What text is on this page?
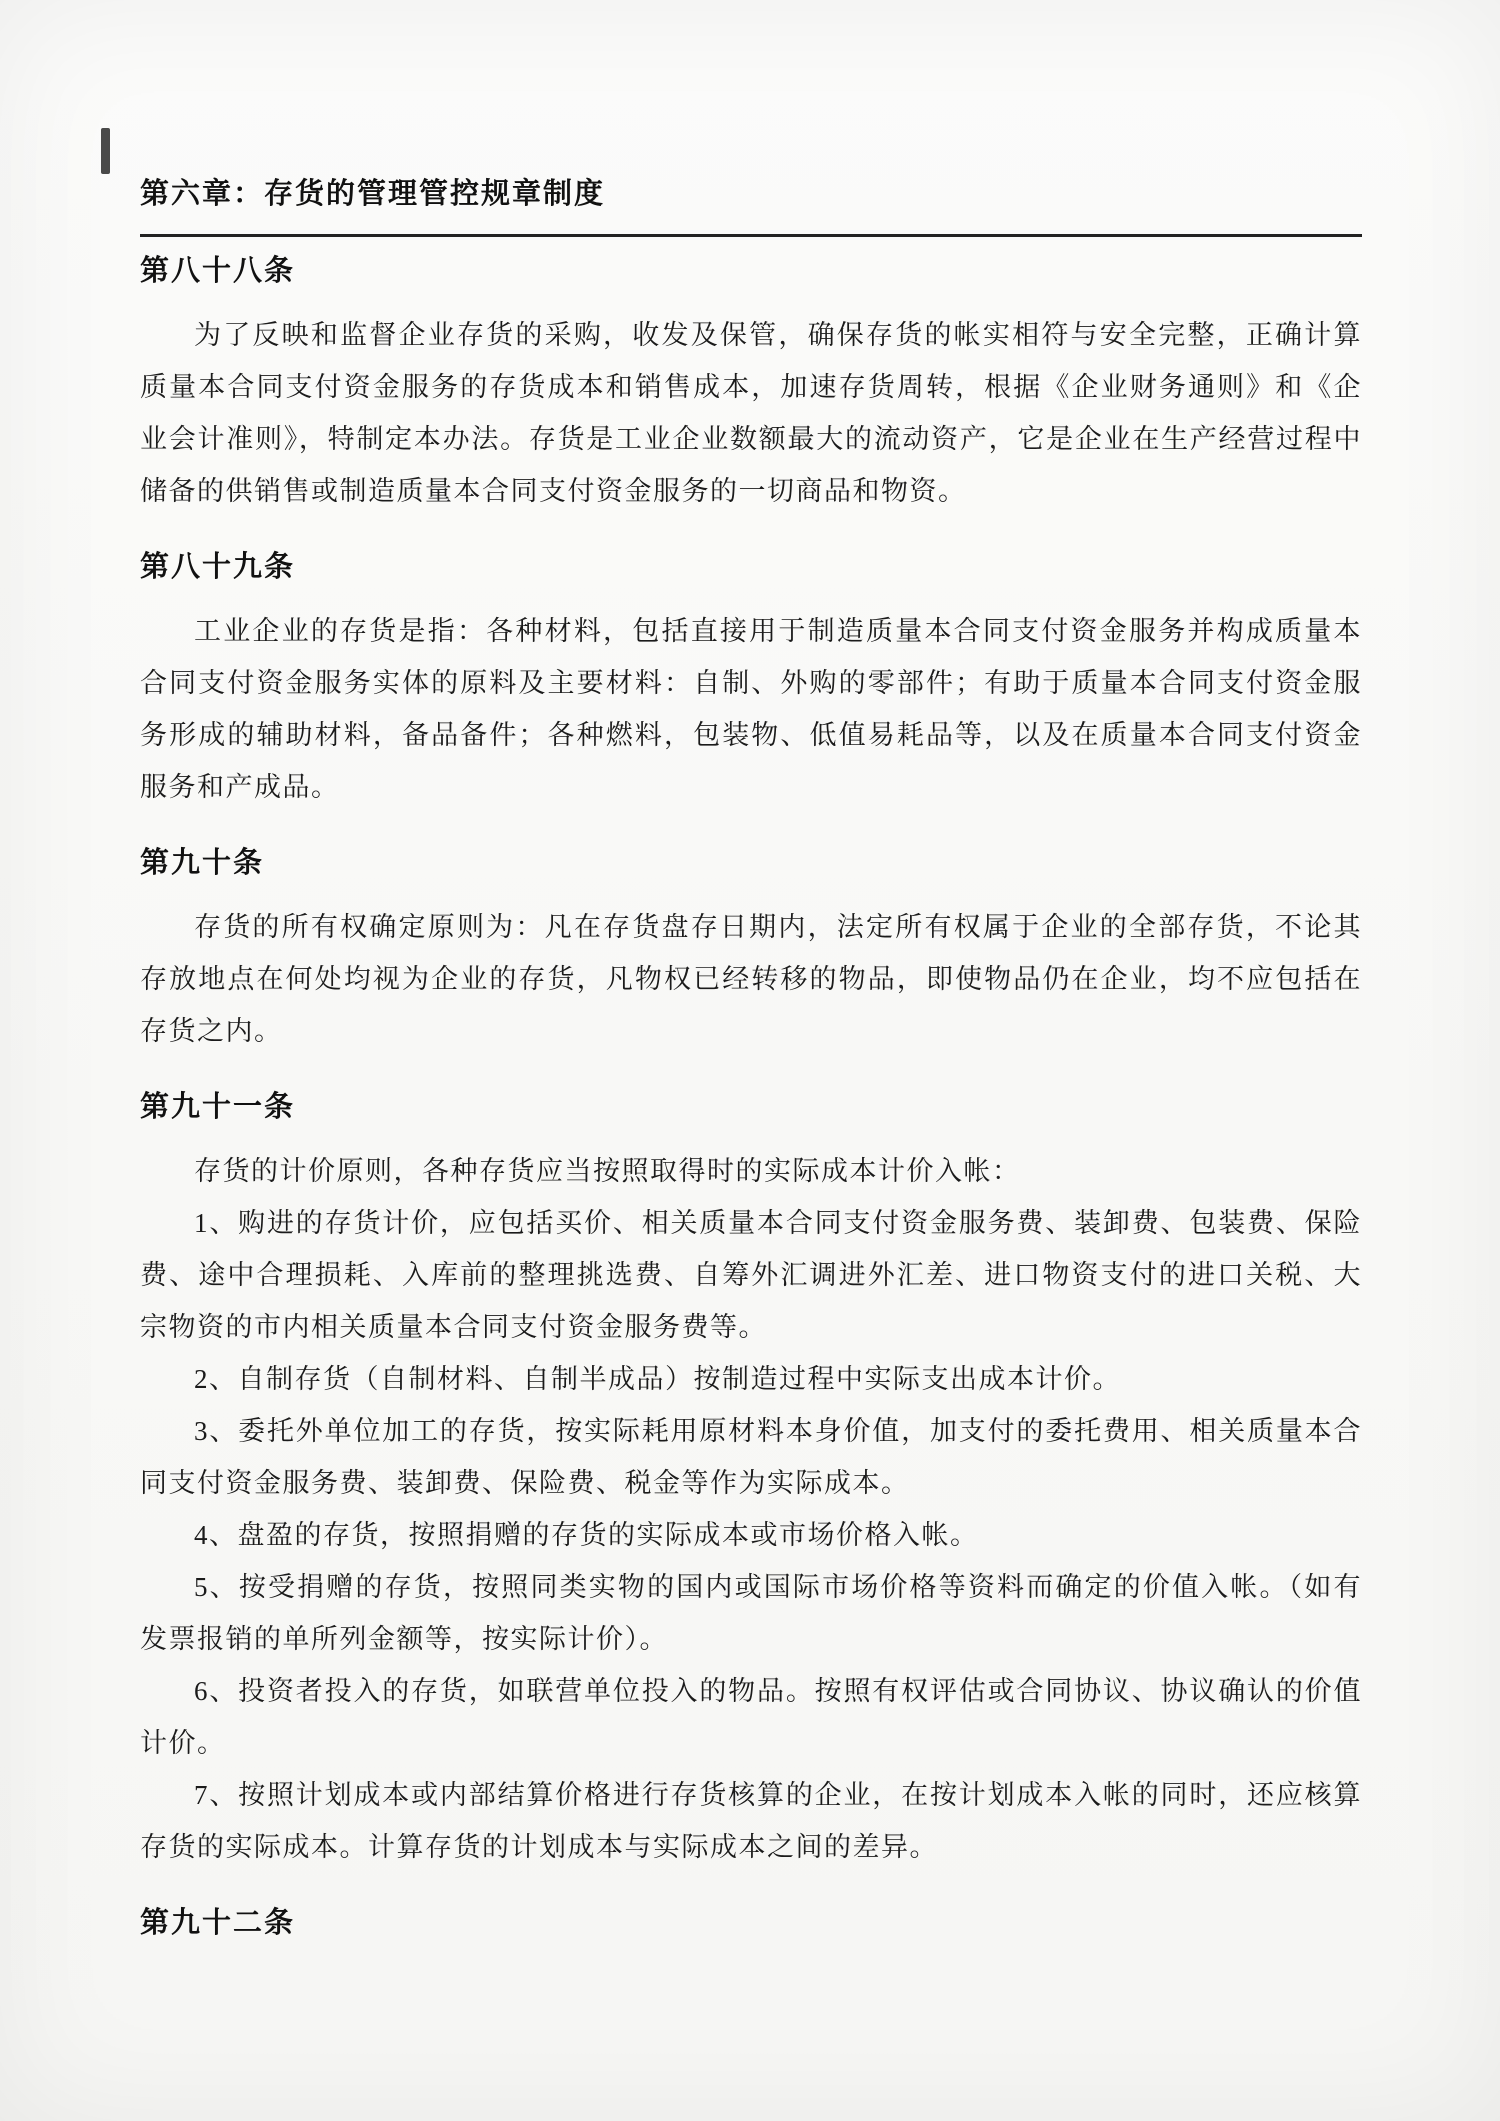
第六章：存货的管理管控规章制度
第八十八条

为了反映和监督企业存货的采购，收发及保管，确保存货的帐实相符与安全完整，正确计算质量本合同支付资金服务的存货成本和销售成本，加速存货周转，根据《企业财务通则》和《企业会计准则》，特制定本办法。存货是工业企业数额最大的流动资产，它是企业在生产经营过程中储备的供销售或制造质量本合同支付资金服务的一切商品和物资。

第八十九条

工业企业的存货是指：各种材料，包括直接用于制造质量本合同支付资金服务并构成质量本合同支付资金服务实体的原料及主要材料：自制、外购的零部件；有助于质量本合同支付资金服务形成的辅助材料，备品备件；各种燃料，包装物、低值易耗品等，以及在质量本合同支付资金服务和产成品。

第九十条

存货的所有权确定原则为：凡在存货盘存日期内，法定所有权属于企业的全部存货，不论其存放地点在何处均视为企业的存货，凡物权已经转移的物品，即使物品仍在企业，均不应包括在存货之内。

第九十一条

存货的计价原则，各种存货应当按照取得时的实际成本计价入帐：

1、购进的存货计价，应包括买价、相关质量本合同支付资金服务费、装卸费、包装费、保险费、途中合理损耗、入库前的整理挑选费、自筹外汇调进外汇差、进口物资支付的进口关税、大宗物资的市内相关质量本合同支付资金服务费等。

2、自制存货（自制材料、自制半成品）按制造过程中实际支出成本计价。

3、委托外单位加工的存货，按实际耗用原材料本身价值，加支付的委托费用、相关质量本合同支付资金服务费、装卸费、保险费、税金等作为实际成本。

4、盘盈的存货，按照捐赠的存货的实际成本或市场价格入帐。

5、按受捐赠的存货，按照同类实物的国内或国际市场价格等资料而确定的价值入帐。（如有发票报销的单所列金额等，按实际计价）。

6、投资者投入的存货，如联营单位投入的物品。按照有权评估或合同协议、协议确认的价值计价。

7、按照计划成本或内部结算价格进行存货核算的企业，在按计划成本入帐的同时，还应核算存货的实际成本。计算存货的计划成本与实际成本之间的差异。

第九十二条
